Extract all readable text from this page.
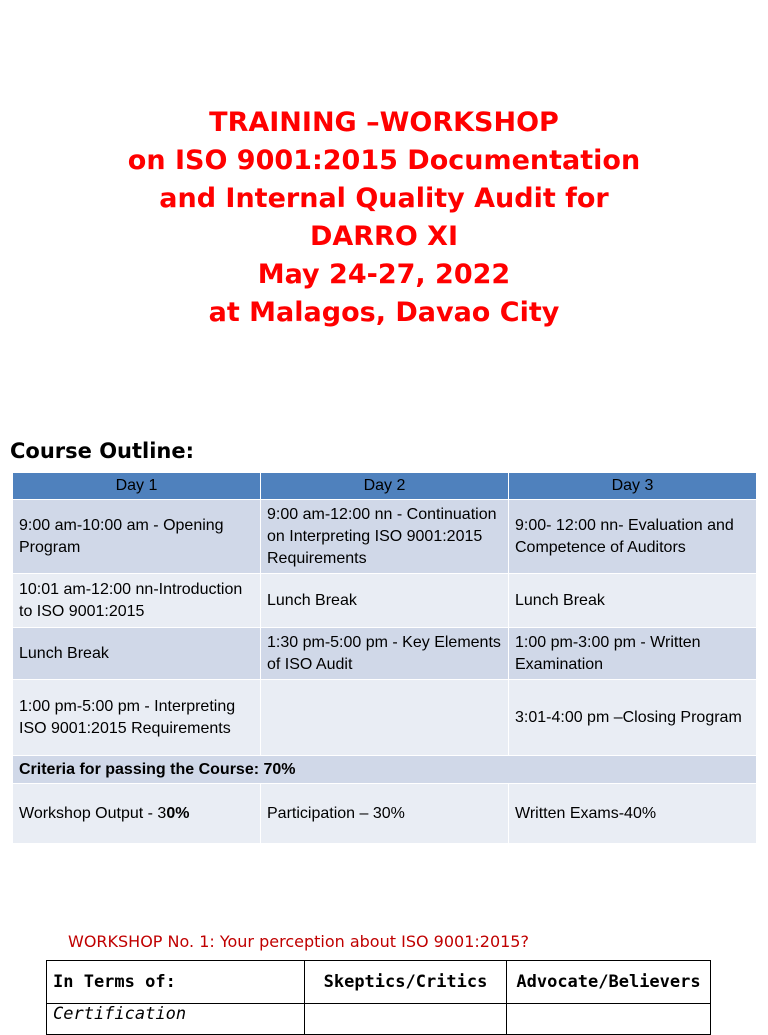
TRAINING –WORKSHOP
on ISO 9001:2015 Documentation
and Internal Quality Audit for
DARRO XI
May 24-27, 2022
at Malagos, Davao City
Course Outline:
Day 1	Day 2	Day 3
9:00 am-10:00 am - Opening Program	9:00 am-12:00 nn - Continuation on Interpreting ISO 9001:2015 Requirements	9:00- 12:00 nn- Evaluation and Competence of Auditors
10:01 am-12:00 nn-Introduction to ISO 9001:2015	Lunch Break	Lunch Break
Lunch Break	1:30 pm-5:00 pm - Key Elements of ISO Audit	1:00 pm-3:00 pm - Written Examination
1:00 pm-5:00 pm - Interpreting ISO 9001:2015 Requirements		3:01-4:00 pm –Closing Program
Criteria for passing the Course: 70%		
Workshop Output - 30%	Participation – 30%	Written Exams-40%
WORKSHOP No. 1: Your perception about ISO 9001:2015?
In Terms of:	Skeptics/Critics	Advocate/Believers
Certification		
